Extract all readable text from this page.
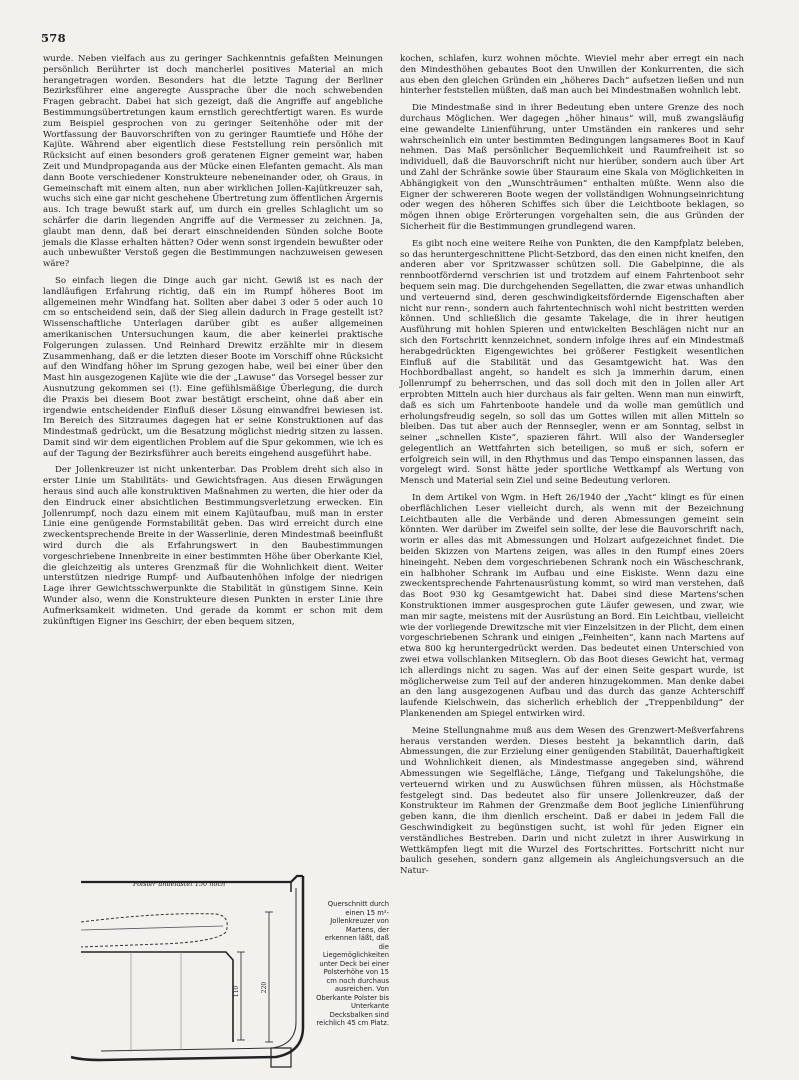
578

wurde. Neben vielfach aus zu geringer Sachkenntnis gefaßten Meinungen persönlich Berührter ist doch mancherlei positives Material an mich herangetragen worden. Besonders hat die letzte Tagung der Berliner Bezirksführer eine angeregte Aussprache über die noch schwebenden Fragen gebracht. Dabei hat sich gezeigt, daß die Angriffe auf angebliche Bestimmungsübertretungen kaum ernstlich gerechtfertigt waren. Es wurde zum Beispiel gesprochen von zu geringer Seitenhöhe oder mit der Wortfassung der Bauvorschriften von zu geringer Raumtiefe und Höhe der Kajüte. Während aber eigentlich diese Feststellung rein persönlich mit Rücksicht auf einen besonders groß geratenen Eigner gemeint war, haben Zeit und Mundpropaganda aus der Mücke einen Elefanten gemacht. Als man dann Boote verschiedener Konstrukteure nebeneinander oder, oh Graus, in Gemeinschaft mit einem alten, nun aber wirklichen Jollen-Kajütkreuzer sah, wuchs sich eine gar nicht geschehene Übertretung zum öffentlichen Ärgernis aus. Ich trage bewußt stark auf, um durch ein grelles Schlaglicht um so schärfer die darin liegenden Angriffe auf die Vermesser zu zeichnen. Ja, glaubt man denn, daß bei derart einschneidenden Sünden solche Boote jemals die Klasse erhalten hätten? Oder wenn sonst irgendein bewußter oder auch unbewußter Verstoß gegen die Bestimmungen nachzuweisen gewesen wäre?

So einfach liegen die Dinge auch gar nicht. Gewiß ist es nach der landläufigen Erfahrung richtig, daß ein im Rumpf höheres Boot im allgemeinen mehr Windfang hat. Sollten aber dabei 3 oder 5 oder auch 10 cm so entscheidend sein, daß der Sieg allein dadurch in Frage gestellt ist? Wissenschaftliche Unterlagen darüber gibt es außer allgemeinen amerikanischen Untersuchungen kaum, die aber keinerlei praktische Folgerungen zulassen. Und Reinhard Drewitz erzählte mir in diesem Zusammenhang, daß er die letzten dieser Boote im Vorschiff ohne Rücksicht auf den Windfang höher im Sprung gezogen habe, weil bei einer über den Mast hin ausgezogenen Kajüte wie die der „Lawuse“ das Vorsegel besser zur Ausnutzung gekommen sei (!). Eine gefühlsmäßige Überlegung, die durch die Praxis bei diesem Boot zwar bestätigt erscheint, ohne daß aber ein irgendwie entscheidender Einfluß dieser Lösung einwandfrei bewiesen ist. Im Bereich des Sitzraumes dagegen hat er seine Konstruktionen auf das Mindestmaß gedrückt, um die Besatzung möglichst niedrig sitzen zu lassen. Damit sind wir dem eigentlichen Problem auf die Spur gekommen, wie ich es auf der Tagung der Bezirksführer auch bereits eingehend ausgeführt habe.

Der Jollenkreuzer ist nicht unkenterbar. Das Problem dreht sich also in erster Linie um Stabilitäts- und Gewichtsfragen. Aus diesen Erwägungen heraus sind auch alle konstruktiven Maßnahmen zu werten, die hier oder da den Eindruck einer absichtlichen Bestimmungsverletzung erwecken. Ein Jollenrumpf, noch dazu einem mit einem Kajütaufbau, muß man in erster Linie eine genügende Formstabilität geben. Das wird erreicht durch eine zweckentsprechende Breite in der Wasserlinie, deren Mindestmaß beeinflußt wird durch die als Erfahrungswert in den Baubestimmungen vorgeschriebene Innenbreite in einer bestimmten Höhe über Oberkante Kiel, die gleichzeitig als unteres Grenzmaß für die Wohnlichkeit dient. Weiter unterstützen niedrige Rumpf- und Aufbautenhöhen infolge der niedrigen Lage ihrer Gewichtsschwerpunkte die Stabilität in günstigem Sinne. Kein Wunder also, wenn die Konstrukteure diesen Punkten in erster Linie ihre Aufmerksamkeit widmeten. Und gerade da kommt er schon mit dem zukünftigen Eigner ins Geschirr, der eben bequem sitzen,

kochen, schlafen, kurz wohnen möchte. Wieviel mehr aber erregt ein nach den Mindesthöhen gebautes Boot den Unwillen der Konkurrenten, die sich aus eben den gleichen Gründen ein „höheres Dach“ aufsetzen ließen und nun hinterher feststellen müßten, daß man auch bei Mindestmaßen wohnlich lebt.

Die Mindestmaße sind in ihrer Bedeutung eben untere Grenze des noch durchaus Möglichen. Wer dagegen „höher hinaus“ will, muß zwangsläufig eine gewandelte Linienführung, unter Umständen ein rankeres und sehr wahrscheinlich ein unter bestimmten Bedingungen langsameres Boot in Kauf nehmen. Das Maß persönlicher Bequemlichkeit und Raumfreiheit ist so individuell, daß die Bauvorschrift nicht nur hierüber, sondern auch über Art und Zahl der Schränke sowie über Stauraum eine Skala von Möglichkeiten in Abhängigkeit von den „Wunschträumen“ enthalten müßte. Wenn also die Eigner der schwereren Boote wegen der vollständigen Wohnungseinrichtung oder wegen des höheren Schiffes sich über die Leichtboote beklagen, so mögen ihnen obige Erörterungen vorgehalten sein, die aus Gründen der Sicherheit für die Bestimmungen grundlegend waren.

Es gibt noch eine weitere Reihe von Punkten, die den Kampfplatz beleben, so das heruntergeschnittene Plicht-Setzbord, das den einen nicht kneifen, den anderen aber vor Spritzwasser schützen soll. Die Gabelpinne, die als rennbootfördernd verschrien ist und trotzdem auf einem Fahrtenboot sehr bequem sein mag. Die durchgehenden Segellatten, die zwar etwas unhandlich und verteuernd sind, deren geschwindigkeitsfördernde Eigenschaften aber nicht nur renn-, sondern auch fahrtentechnisch wohl nicht bestritten werden können. Und schließlich die gesamte Takelage, die in ihrer heutigen Ausführung mit hohlen Spieren und entwickelten Beschlägen nicht nur an sich den Fortschritt kennzeichnet, sondern infolge ihres auf ein Mindestmaß herabgedrückten Eigengewichtes bei größerer Festigkeit wesentlichen Einfluß auf die Stabilität und das Gesamtgewicht hat. Was den Hochbordballast angeht, so handelt es sich ja immerhin darum, einen Jollenrumpf zu beherrschen, und das soll doch mit den in Jollen aller Art erprobten Mitteln auch hier durchaus als fair gelten. Wenn man nun einwirft, daß es sich um Fahrtenboote handele und da wolle man gemütlich und erholungsfreudig segeln, so soll das um Gottes willen mit allen Mitteln so bleiben. Das tut aber auch der Rennsegler, wenn er am Sonntag, selbst in seiner „schnellen Kiste“, spazieren fährt. Will also der Wandersegler gelegentlich an Wettfahrten sich beteiligen, so muß er sich, sofern er erfolgreich sein will, in den Rhythmus und das Tempo einspannen lassen, das vorgelegt wird. Sonst hätte jeder sportliche Wettkampf als Wertung von Mensch und Material sein Ziel und seine Bedeutung verloren.

In dem Artikel von Wgm. in Heft 26/1940 der „Yacht“ klingt es für einen oberflächlichen Leser vielleicht durch, als wenn mit der Bezeichnung Leichtbauten alle die Verbände und deren Abmessungen gemeint sein könnten. Wer darüber im Zweifel sein sollte, der lese die Bauvorschrift nach, worin er alles das mit Abmessungen und Holzart aufgezeichnet findet. Die beiden Skizzen von Martens zeigen, was alles in den Rumpf eines 20ers hineingeht. Neben dem vorgeschriebenen Schrank noch ein Wäscheschrank, ein halbhoher Schrank im Aufbau und eine Eiskiste. Wenn dazu eine zweckentsprechende Fahrtenausrüstung kommt, so wird man verstehen, daß das Boot 930 kg Gesamtgewicht hat. Dabei sind diese Martens'schen Konstruktionen immer ausgesprochen gute Läufer gewesen, und zwar, wie man mir sagte, meistens mit der Ausrüstung an Bord. Ein Leichtbau, vielleicht wie der vorliegende Drewitzsche mit vier Einzelsitzen in der Plicht, dem einen vorgeschriebenen Schrank und einigen „Feinheiten“, kann nach Martens auf etwa 800 kg heruntergedrückt werden. Das bedeutet einen Unterschied von zwei etwa vollschlanken Mitseglern. Ob das Boot dieses Gewicht hat, vermag ich allerdings nicht zu sagen. Was auf der einen Seite gespart wurde, ist möglicherweise zum Teil auf der anderen hinzugekommen. Man denke dabei an den lang ausgezogenen Aufbau und das durch das ganze Achterschiff laufende Kielschwein, das sicherlich erheblich der „Treppenbildung“ der Plankenenden am Spiegel entwirken wird.

Meine Stellungnahme muß aus dem Wesen des Grenzwert-Meßverfahrens heraus verstanden werden. Dieses besteht ja bekanntlich darin, daß Abmessungen, die zur Erzielung einer genügenden Stabilität, Dauerhaftigkeit und Wohnlichkeit dienen, als Mindestmasse angegeben sind, während Abmessungen wie Segelfläche, Länge, Tiefgang und Takelungshöhe, die verteuernd wirken und zu Auswüchsen führen müssen, als Höchstmaße festgelegt sind. Das bedeutet also für unsere Jollenkreuzer, daß der Konstrukteur im Rahmen der Grenzmaße dem Boot jegliche Linienführung geben kann, die ihm dienlich erscheint. Daß er dabei in jedem Fall die Geschwindigkeit zu begünstigen sucht, ist wohl für jeden Eigner ein verständliches Bestreben. Darin und nicht zuletzt in ihrer Auswirkung in Wettkämpfen liegt mit die Wurzel des Fortschrittes. Fortschritt nicht nur baulich gesehen, sondern ganz allgemein als Angleichungsversuch an die Natur-

Polster unbelastet 150 hoch
110	220
Querschnitt durch einen 15 m²-Jollenkreuzer von Martens, der erkennen läßt, daß die Liegemöglichkeiten unter Deck bei einer Polsterhöhe von 15 cm noch durchaus ausreichen. Von Oberkante Polster bis Unterkante Decksbalken sind reichlich 45 cm Platz.
